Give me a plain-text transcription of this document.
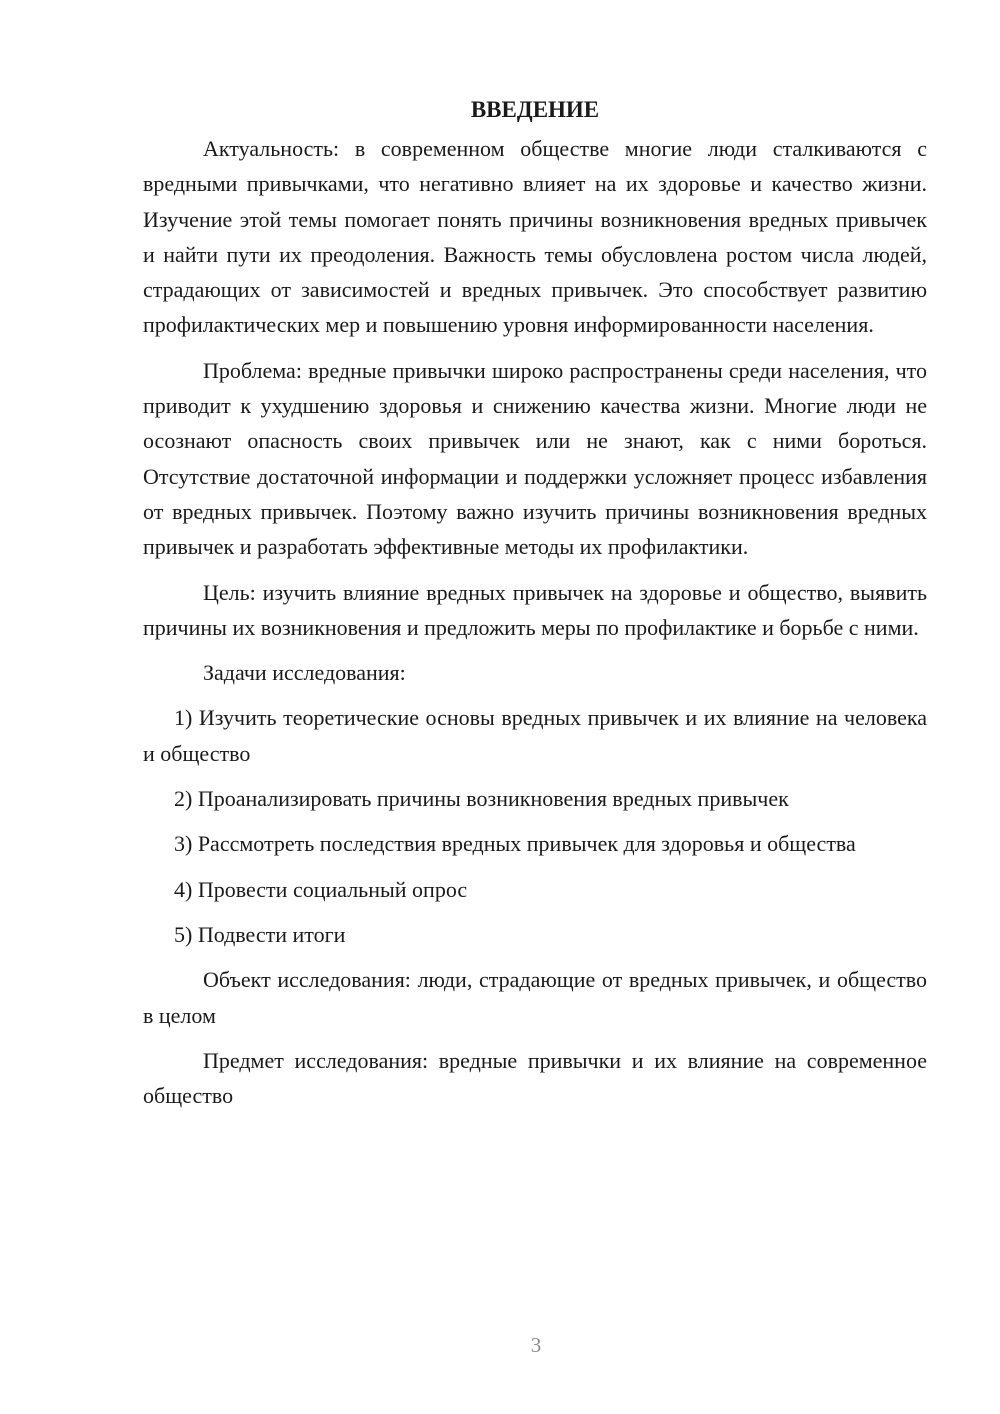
ВВЕДЕНИЕ

Актуальность: в современном обществе многие люди сталкиваются с вредными привычками, что негативно влияет на их здоровье и качество жизни. Изучение этой темы помогает понять причины возникновения вредных привычек и найти пути их преодоления. Важность темы обусловлена ростом числа людей, страдающих от зависимостей и вредных привычек. Это способствует развитию профилактических мер и повышению уровня информированности населения.

Проблема: вредные привычки широко распространены среди населения, что приводит к ухудшению здоровья и снижению качества жизни. Многие люди не осознают опасность своих привычек или не знают, как с ними бороться. Отсутствие достаточной информации и поддержки усложняет процесс избавления от вредных привычек. Поэтому важно изучить причины возникновения вредных привычек и разработать эффективные методы их профилактики.

Цель: изучить влияние вредных привычек на здоровье и общество, выявить причины их возникновения и предложить меры по профилактике и борьбе с ними.

Задачи исследования:

1) Изучить теоретические основы вредных привычек и их влияние на человека и общество

2) Проанализировать причины возникновения вредных привычек

3) Рассмотреть последствия вредных привычек для здоровья и общества

4) Провести социальный опрос

5) Подвести итоги

Объект исследования: люди, страдающие от вредных привычек, и общество в целом

Предмет исследования: вредные привычки и их влияние на современное общество

3
